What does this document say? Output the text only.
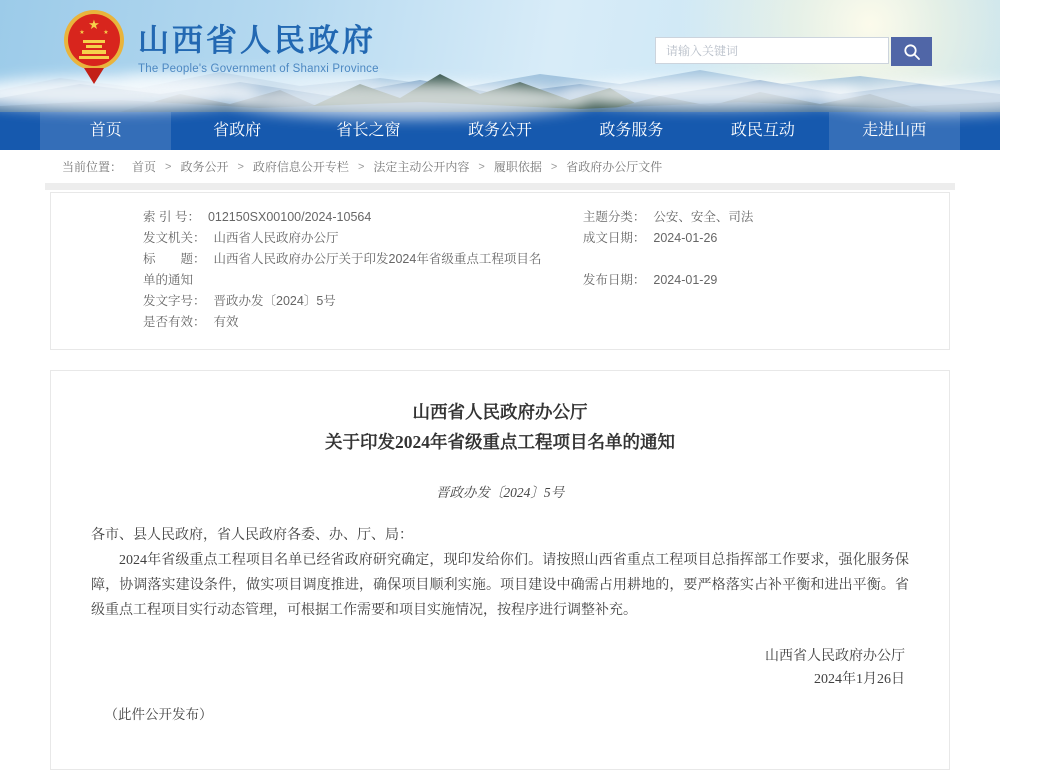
★
★	★ 山西省人民政府
The People's Government of Shanxi Province
请输入关键词
首页	省政府	省长之窗	政务公开	政务服务	政民互动	走进山西
当前位置： 首页 > 政务公开 > 政府信息公开专栏 > 法定主动公开内容 > 履职依据 > 省政府办公厅文件
索 引 号： 012150SX00100/2024-10564
发文机关： 山西省人民政府办公厅
标　　题： 山西省人民政府办公厅关于印发2024年省级重点工程项目名单的通知
发文字号： 晋政办发〔2024〕5号
是否有效： 有效
主题分类： 公安、安全、司法
成文日期： 2024-01-26
发布日期： 2024-01-29
山西省人民政府办公厅
关于印发2024年省级重点工程项目名单的通知
晋政办发〔2024〕5号
各市、县人民政府，省人民政府各委、办、厅、局：
2024年省级重点工程项目名单已经省政府研究确定，现印发给你们。请按照山西省重点工程项目总指挥部工作要求，强化服务保障，协调落实建设条件，做实项目调度推进，确保项目顺利实施。项目建设中确需占用耕地的，要严格落实占补平衡和进出平衡。省级重点工程项目实行动态管理，可根据工作需要和项目实施情况，按程序进行调整补充。
山西省人民政府办公厅
2024年1月26日
（此件公开发布）
